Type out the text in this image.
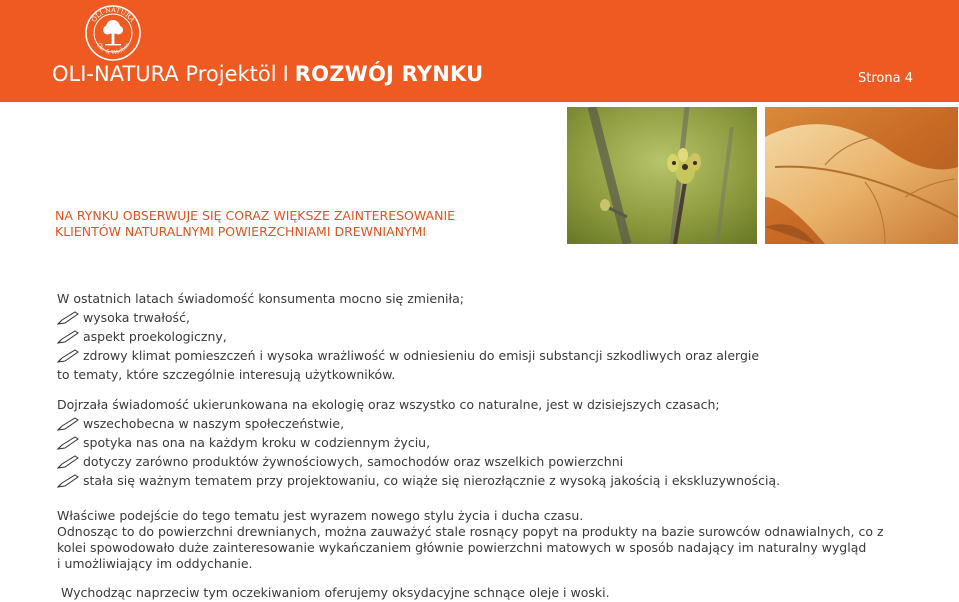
OLI-NATURA
Öle & Wachse
OLI-NATURA Projektöl I ROZWÓJ RYNKU	Strona 4
NA RYNKU OBSERWUJE SIĘ CORAZ WIĘKSZE ZAINTERESOWANIE
KLIENTÓW NATURALNYMI POWIERZCHNIAMI DREWNIANYMI
W ostatnich latach świadomość konsumenta mocno się zmieniła;
wysoka trwałość,
aspekt proekologiczny,
zdrowy klimat pomieszczeń i wysoka wrażliwość w odniesieniu do emisji substancji szkodliwych oraz alergie
to tematy, które szczególnie interesują użytkowników.
Dojrzała świadomość ukierunkowana na ekologię oraz wszystko co naturalne, jest w dzisiejszych czasach;
wszechobecna w naszym społeczeństwie,
spotyka nas ona na każdym kroku w codziennym życiu,
dotyczy zarówno produktów żywnościowych, samochodów oraz wszelkich powierzchni
stała się ważnym tematem przy projektowaniu, co wiąże się nierozłącznie z wysoką jakością i ekskluzywnością.
Właściwe podejście do tego tematu jest wyrazem nowego stylu życia i ducha czasu.
Odnosząc to do powierzchni drewnianych, można zauważyć stale rosnący popyt na produkty na bazie surowców odnawialnych, co z
kolei spowodowało duże zainteresowanie wykańczaniem głównie powierzchni matowych w sposób nadający im naturalny wygląd
i umożliwiający im oddychanie.
Wychodząc naprzeciw tym oczekiwaniom oferujemy oksydacyjne schnące oleje i woski.
